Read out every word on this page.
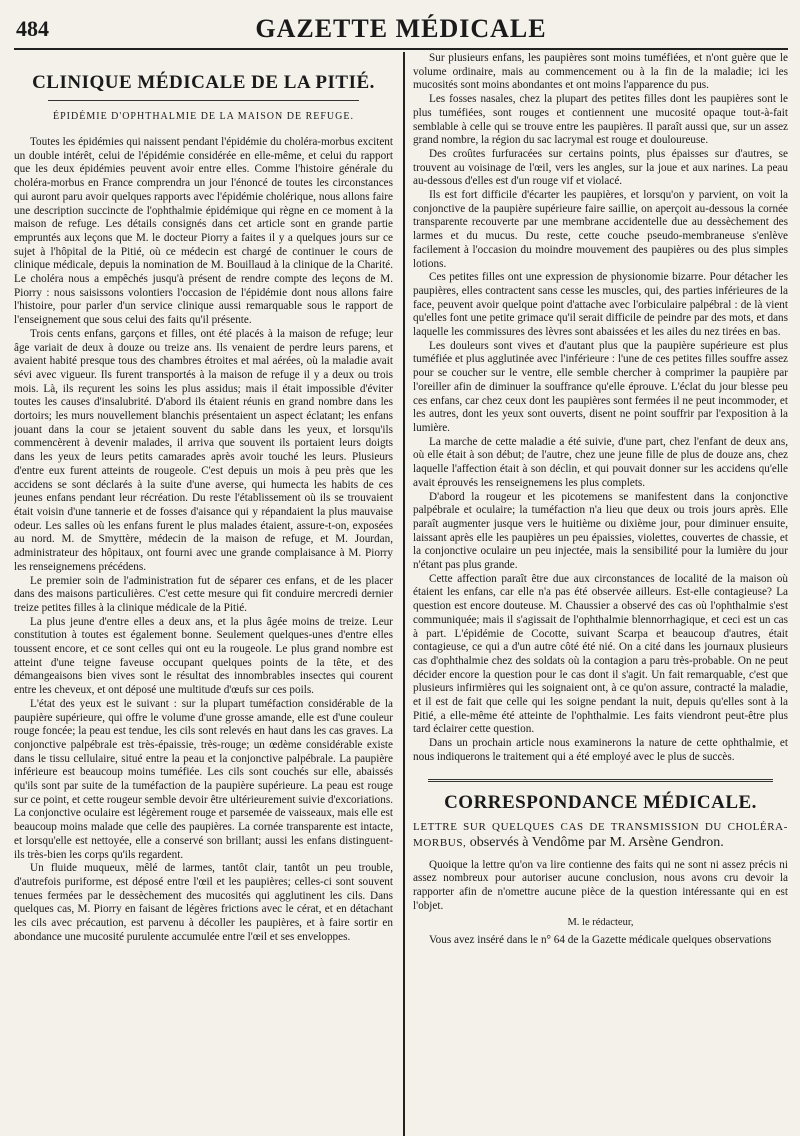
484	GAZETTE MÉDICALE
CLINIQUE MÉDICALE DE LA PITIÉ.
ÉPIDÉMIE D'OPHTHALMIE DE LA MAISON DE REFUGE.

Toutes les épidémies qui naissent pendant l'épidémie du choléra-morbus excitent un double intérêt, celui de l'épidémie considérée en elle-même, et celui du rapport que les deux épidémies peuvent avoir entre elles. Comme l'histoire générale du choléra-morbus en France comprendra un jour l'énoncé de toutes les circonstances qui auront paru avoir quelques rapports avec l'épidémie cholérique, nous allons faire une description succincte de l'ophthalmie épidémique qui règne en ce moment à la maison de refuge. Les détails consignés dans cet article sont en grande partie empruntés aux leçons que M. le docteur Piorry a faites il y a quelques jours sur ce sujet à l'hôpital de la Pitié, où ce médecin est chargé de continuer le cours de clinique médicale, depuis la nomination de M. Bouillaud à la clinique de la Charité. Le choléra nous a empêchés jusqu'à présent de rendre compte des leçons de M. Piorry : nous saisissons volontiers l'occasion de l'épidémie dont nous allons faire l'histoire, pour parler d'un service clinique aussi remarquable sous le rapport de l'enseignement que sous celui des faits qu'il présente.

Trois cents enfans, garçons et filles, ont été placés à la maison de refuge; leur âge variait de deux à douze ou treize ans. Ils venaient de perdre leurs parens, et avaient habité presque tous des chambres étroites et mal aérées, où la maladie avait sévi avec vigueur. Ils furent transportés à la maison de refuge il y a deux ou trois mois. Là, ils reçurent les soins les plus assidus; mais il était impossible d'éviter toutes les causes d'insalubrité. D'abord ils étaient réunis en grand nombre dans les dortoirs; les murs nouvellement blanchis présentaient un aspect éclatant; les enfans jouant dans la cour se jetaient souvent du sable dans les yeux, et lorsqu'ils commencèrent à devenir malades, il arriva que souvent ils portaient leurs doigts dans les yeux de leurs petits camarades après avoir touché les leurs. Plusieurs d'entre eux furent atteints de rougeole. C'est depuis un mois à peu près que les accidens se sont déclarés à la suite d'une averse, qui humecta les habits de ces jeunes enfans pendant leur récréation. Du reste l'établissement où ils se trouvaient était voisin d'une tannerie et de fosses d'aisance qui y répandaient la plus mauvaise odeur. Les salles où les enfans furent le plus malades étaient, assure-t-on, exposées au nord. M. de Smyttère, médecin de la maison de refuge, et M. Jourdan, administrateur des hôpitaux, ont fourni avec une grande complaisance à M. Piorry les renseignemens précédens.

Le premier soin de l'administration fut de séparer ces enfans, et de les placer dans des maisons particulières. C'est cette mesure qui fit conduire mercredi dernier treize petites filles à la clinique médicale de la Pitié.

La plus jeune d'entre elles a deux ans, et la plus âgée moins de treize. Leur constitution à toutes est également bonne. Seulement quelques-unes d'entre elles toussent encore, et ce sont celles qui ont eu la rougeole. Le plus grand nombre est atteint d'une teigne faveuse occupant quelques points de la tête, et des démangeaisons bien vives sont le résultat des innombrables insectes qui courent entre les cheveux, et ont déposé une multitude d'œufs sur ces poils.

L'état des yeux est le suivant : sur la plupart tuméfaction considérable de la paupière supérieure, qui offre le volume d'une grosse amande, elle est d'une couleur rouge foncée; la peau est tendue, les cils sont relevés en haut dans les cas graves. La conjonctive palpébrale est très-épaissie, très-rouge; un œdème considérable existe dans le tissu cellulaire, situé entre la peau et la conjonctive palpébrale. La paupière inférieure est beaucoup moins tuméfiée. Les cils sont couchés sur elle, abaissés qu'ils sont par suite de la tuméfaction de la paupière supérieure. La peau est rouge sur ce point, et cette rougeur semble devoir être ultérieurement suivie d'excoriations. La conjonctive oculaire est légèrement rouge et parsemée de vaisseaux, mais elle est beaucoup moins malade que celle des paupières. La cornée transparente est intacte, et lorsqu'elle est nettoyée, elle a conservé son brillant; aussi les enfans distinguent-ils très-bien les corps qu'ils regardent.

Un fluide muqueux, mêlé de larmes, tantôt clair, tantôt un peu trouble, d'autrefois puriforme, est déposé entre l'œil et les paupières; celles-ci sont souvent tenues fermées par le dessèchement des mucosités qui agglutinent les cils. Dans quelques cas, M. Piorry en faisant de légères frictions avec le cérat, et en détachant les cils avec précaution, est parvenu à décoller les paupières, et à faire sortir en abondance une mucosité purulente accumulée entre l'œil et ses enveloppes.

Sur plusieurs enfans, les paupières sont moins tuméfiées, et n'ont guère que le volume ordinaire, mais au commencement ou à la fin de la maladie; ici les mucosités sont moins abondantes et ont moins l'apparence du pus.

Les fosses nasales, chez la plupart des petites filles dont les paupières sont le plus tuméfiées, sont rouges et contiennent une mucosité opaque tout-à-fait semblable à celle qui se trouve entre les paupières. Il paraît aussi que, sur un assez grand nombre, la région du sac lacrymal est rouge et douloureuse.

Des croûtes furfuracées sur certains points, plus épaisses sur d'autres, se trouvent au voisinage de l'œil, vers les angles, sur la joue et aux narines. La peau au-dessous d'elles est d'un rouge vif et violacé.

Ils est fort difficile d'écarter les paupières, et lorsqu'on y parvient, on voit la conjonctive de la paupière supérieure faire saillie, on aperçoit au-dessous la cornée transparente recouverte par une membrane accidentelle due au dessèchement des larmes et du mucus. Du reste, cette couche pseudo-membraneuse s'enlève facilement à l'occasion du moindre mouvement des paupières ou des plus simples lotions.

Ces petites filles ont une expression de physionomie bizarre. Pour détacher les paupières, elles contractent sans cesse les muscles, qui, des parties inférieures de la face, peuvent avoir quelque point d'attache avec l'orbiculaire palpébral : de là vient qu'elles font une petite grimace qu'il serait difficile de peindre par des mots, et dans laquelle les commissures des lèvres sont abaissées et les ailes du nez tirées en bas.

Les douleurs sont vives et d'autant plus que la paupière supérieure est plus tuméfiée et plus agglutinée avec l'inférieure : l'une de ces petites filles souffre assez pour se coucher sur le ventre, elle semble chercher à comprimer la paupière par l'oreiller afin de diminuer la souffrance qu'elle éprouve. L'éclat du jour blesse peu ces enfans, car chez ceux dont les paupières sont fermées il ne peut incommoder, et les autres, dont les yeux sont ouverts, disent ne point souffrir par l'exposition à la lumière.

La marche de cette maladie a été suivie, d'une part, chez l'enfant de deux ans, où elle était à son début; de l'autre, chez une jeune fille de plus de douze ans, chez laquelle l'affection était à son déclin, et qui pouvait donner sur les accidens qu'elle avait éprouvés les renseignemens les plus complets.

D'abord la rougeur et les picotemens se manifestent dans la conjonctive palpébrale et oculaire; la tuméfaction n'a lieu que deux ou trois jours après. Elle paraît augmenter jusque vers le huitième ou dixième jour, pour diminuer ensuite, laissant après elle les paupières un peu épaissies, violettes, couvertes de chassie, et la conjonctive oculaire un peu injectée, mais la sensibilité pour la lumière du jour n'étant pas plus grande.

Cette affection paraît être due aux circonstances de localité de la maison où étaient les enfans, car elle n'a pas été observée ailleurs. Est-elle contagieuse? La question est encore douteuse. M. Chaussier a observé des cas où l'ophthalmie s'est communiquée; mais il s'agissait de l'ophthalmie blennorrhagique, et ceci est un cas à part. L'épidémie de Cocotte, suivant Scarpa et beaucoup d'autres, était contagieuse, ce qui a d'un autre côté été nié. On a cité dans les journaux plusieurs cas d'ophthalmie chez des soldats où la contagion a paru très-probable. On ne peut décider encore la question pour le cas dont il s'agit. Un fait remarquable, c'est que plusieurs infirmières qui les soignaient ont, à ce qu'on assure, contracté la maladie, et il est de fait que celle qui les soigne pendant la nuit, depuis qu'elles sont à la Pitié, a elle-même été atteinte de l'ophthalmie. Les faits viendront peut-être plus tard éclairer cette question.

Dans un prochain article nous examinerons la nature de cette ophthalmie, et nous indiquerons le traitement qui a été employé avec le plus de succès.

CORRESPONDANCE MÉDICALE.
LETTRE SUR QUELQUES CAS DE TRANSMISSION DU CHOLÉRA-MORBUS, observés à Vendôme par M. Arsène Gendron.

Quoique la lettre qu'on va lire contienne des faits qui ne sont ni assez précis ni assez nombreux pour autoriser aucune conclusion, nous avons cru devoir la rapporter afin de n'omettre aucune pièce de la question intéressante qui en est l'objet.

M. le rédacteur,

Vous avez inséré dans le n° 64 de la Gazette médicale quelques observations
